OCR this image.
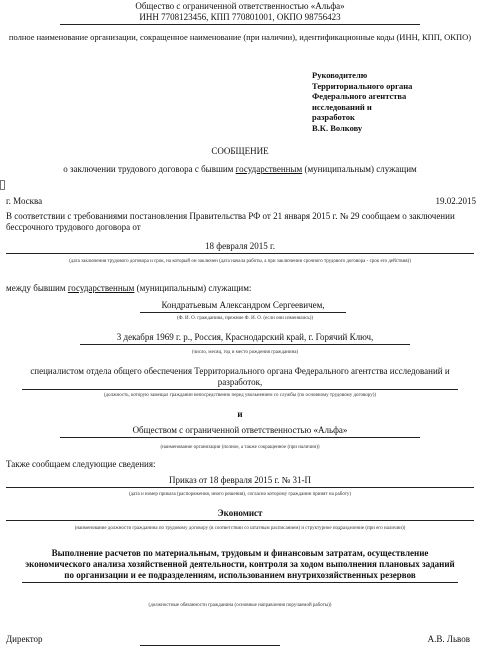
Общество с ограниченной ответственностью «Альфа»
ИНН 7708123456, КПП 770801001, ОКПО 98756423
полное наименование организации, сокращенное наименование (при наличии), идентификационные коды (ИНН, КПП, ОКПО)
Руководителю
Территориального органа
Федерального агентства
исследований и
разработок
В.К. Волкову
СООБЩЕНИЕ
о заключении трудового договора с бывшим государственным (муниципальным) служащим
г. Москва	19.02.2015
В соответствии с требованиями постановления Правительства РФ от 21 января 2015 г. № 29 сообщаем о заключении бессрочного трудового договора от
18 февраля 2015 г.
(дата заключения трудового договора и срок, на который он заключен (дата начала работы, а при заключении срочного трудового договора - срок его действия))
между бывшим государственным (муниципальным) служащим:
Кондратьевым Александром Сергеевичем,
(Ф. И. О. гражданина, прежние Ф. И. О. (если они изменялись))
3 декабря 1969 г. р., Россия, Краснодарский край, г. Горячий Ключ,
(число, месяц, год и место рождения гражданина)
специалистом отдела общего обеспечения Территориального органа Федерального агентства исследований и разработок,
(должность, которую замещал гражданин непосредственно перед увольнением со службы (по основному трудовому договору))
и
Обществом с ограниченной ответственностью «Альфа»
(наименование организации (полное, а также сокращенное (при наличии))
Также сообщаем следующие сведения:
Приказ от 18 февраля 2015 г. № 31-П
(дата и номер приказа (распоряжения, иного решения), согласно которому гражданин принят на работу)
Экономист
(наименование должности гражданина по трудовому договору (в соответствии со штатным расписанием) и структурное подразделение (при его наличии))
Выполнение расчетов по материальным, трудовым и финансовым затратам, осуществление экономического анализа хозяйственной деятельности, контроля за ходом выполнения плановых заданий по организации и ее подразделениям, использованием внутрихозяйственных резервов
(должностные обязанности гражданина (основные направления поручаемой работы))
Директор	А.В. Львов
